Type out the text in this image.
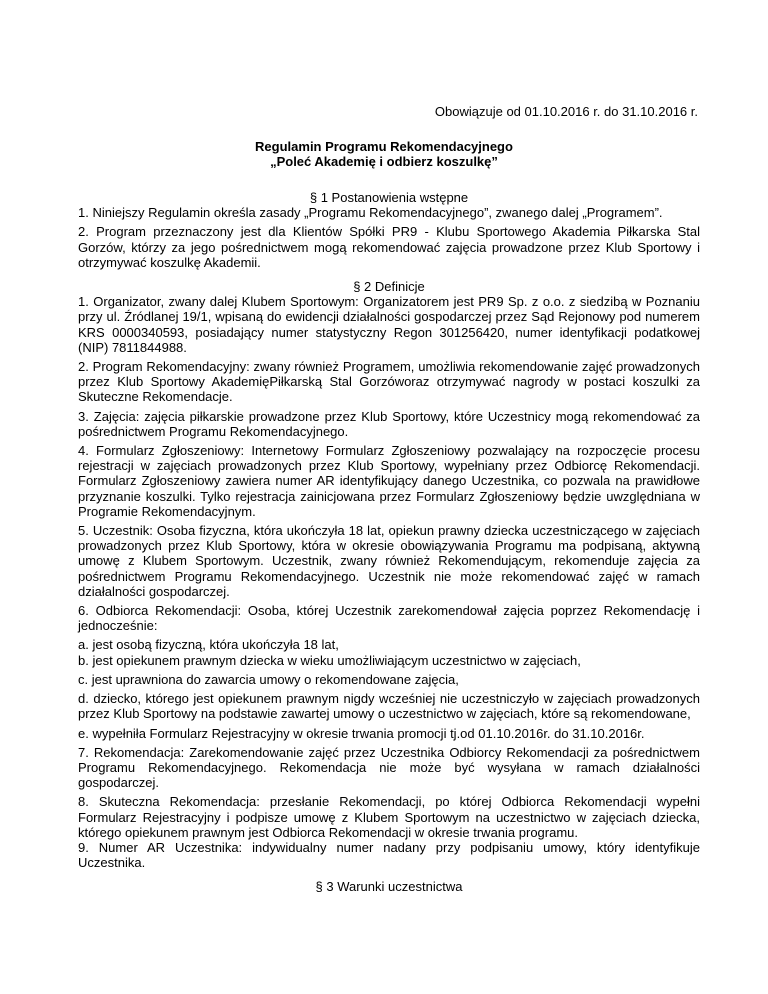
Obowiązuje od 01.10.2016 r. do 31.10.2016 r.
Regulamin Programu Rekomendacyjnego
„Poleć Akademię i odbierz koszulkę”

§ 1 Postanowienia wstępne

1. Niniejszy Regulamin określa zasady „Programu Rekomendacyjnego”, zwanego dalej „Programem”.

2. Program przeznaczony jest dla Klientów Spółki PR9 - Klubu Sportowego Akademia Piłkarska Stal Gorzów, którzy za jego pośrednictwem mogą rekomendować zajęcia prowadzone przez Klub Sportowy i otrzymywać koszulkę Akademii.

§ 2 Definicje

1. Organizator, zwany dalej Klubem Sportowym: Organizatorem jest PR9 Sp. z o.o. z siedzibą w Poznaniu przy ul. Źródlanej 19/1, wpisaną do ewidencji działalności gospodarczej przez Sąd Rejonowy pod numerem KRS 0000340593, posiadający numer statystyczny Regon 301256420, numer identyfikacji podatkowej (NIP) 7811844988.

2. Program Rekomendacyjny: zwany również Programem, umożliwia rekomendowanie zajęć prowadzonych przez Klub Sportowy AkademięPiłkarską Stal Gorzóworaz otrzymywać nagrody w postaci koszulki za Skuteczne Rekomendacje.

3. Zajęcia: zajęcia piłkarskie prowadzone przez Klub Sportowy, które Uczestnicy mogą rekomendować za pośrednictwem Programu Rekomendacyjnego.

4. Formularz Zgłoszeniowy: Internetowy Formularz Zgłoszeniowy pozwalający na rozpoczęcie procesu rejestracji w zajęciach prowadzonych przez Klub Sportowy, wypełniany przez Odbiorcę Rekomendacji. Formularz Zgłoszeniowy zawiera numer AR identyfikujący danego Uczestnika, co pozwala na prawidłowe przyznanie koszulki. Tylko rejestracja zainicjowana przez Formularz Zgłoszeniowy będzie uwzględniana w Programie Rekomendacyjnym.

5. Uczestnik: Osoba fizyczna, która ukończyła 18 lat, opiekun prawny dziecka uczestniczącego w zajęciach prowadzonych przez Klub Sportowy, która w okresie obowiązywania Programu ma podpisaną, aktywną umowę z Klubem Sportowym. Uczestnik, zwany również Rekomendującym, rekomenduje zajęcia za pośrednictwem Programu Rekomendacyjnego. Uczestnik nie może rekomendować zajęć w ramach działalności gospodarczej.

6. Odbiorca Rekomendacji: Osoba, której Uczestnik zarekomendował zajęcia poprzez Rekomendację i jednocześnie:

a. jest osobą fizyczną, która ukończyła 18 lat,

b. jest opiekunem prawnym dziecka w wieku umożliwiającym uczestnictwo w zajęciach,

c. jest uprawniona do zawarcia umowy o rekomendowane zajęcia,

d. dziecko, którego jest opiekunem prawnym nigdy wcześniej nie uczestniczyło w zajęciach prowadzonych przez Klub Sportowy na podstawie zawartej umowy o uczestnictwo w zajęciach, które są rekomendowane,

e. wypełniła Formularz Rejestracyjny w okresie trwania promocji tj.od 01.10.2016r. do 31.10.2016r.

7. Rekomendacja: Zarekomendowanie zajęć przez Uczestnika Odbiorcy Rekomendacji za pośrednictwem Programu Rekomendacyjnego. Rekomendacja nie może być wysyłana w ramach działalności gospodarczej.

8. Skuteczna Rekomendacja: przesłanie Rekomendacji, po której Odbiorca Rekomendacji wypełni Formularz Rejestracyjny i podpisze umowę z Klubem Sportowym na uczestnictwo w zajęciach dziecka, którego opiekunem prawnym jest Odbiorca Rekomendacji w okresie trwania programu.

9. Numer AR Uczestnika: indywidualny numer nadany przy podpisaniu umowy, który identyfikuje Uczestnika.

§ 3 Warunki uczestnictwa
